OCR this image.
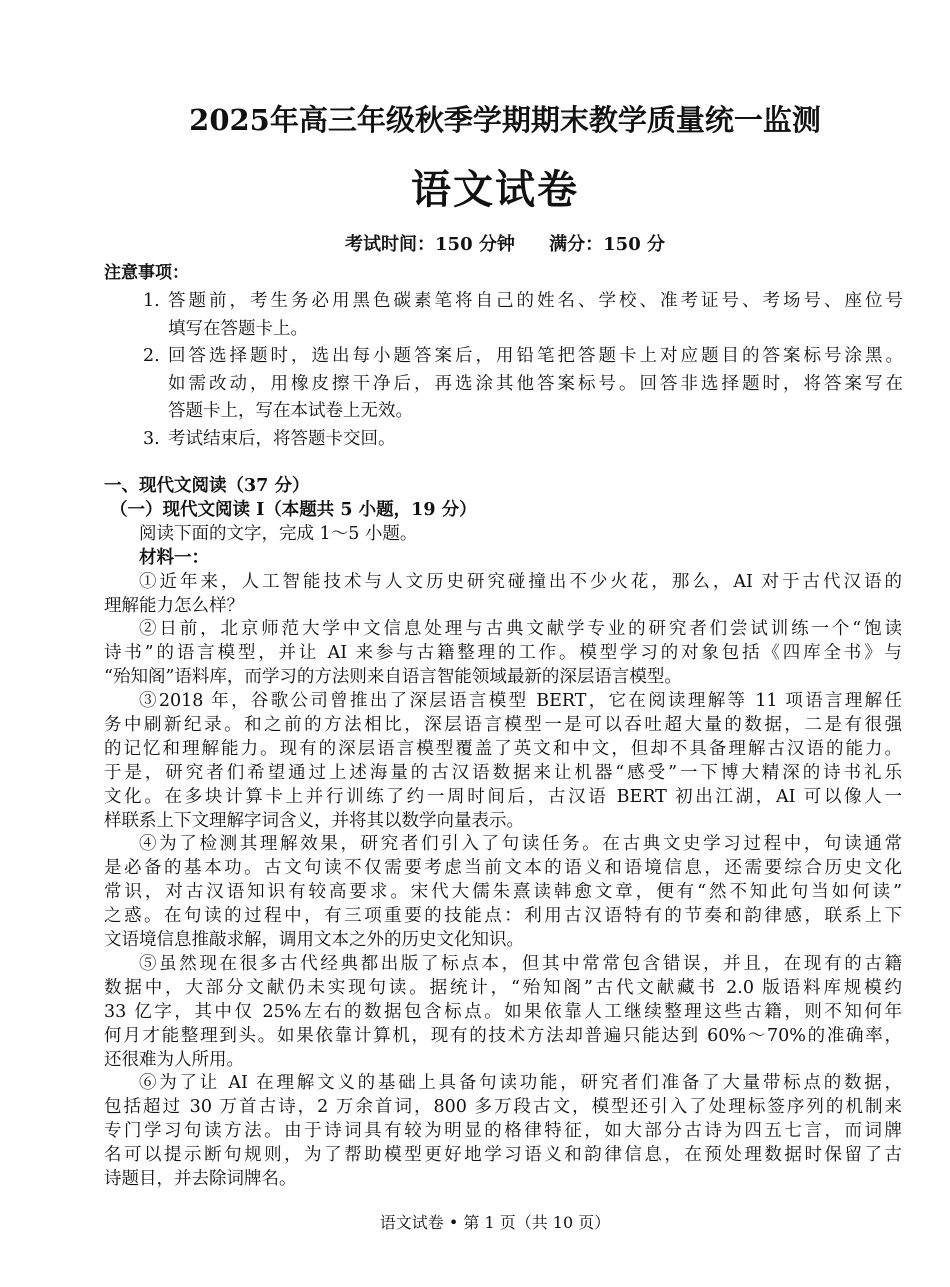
2025年高三年级秋季学期期末教学质量统一监测
语文试卷
考试时间：150 分钟 满分：150 分
注意事项：
1. 答题前，考生务必用黑色碳素笔将自己的姓名、学校、准考证号、考场号、座位号
填写在答题卡上。
2. 回答选择题时，选出每小题答案后，用铅笔把答题卡上对应题目的答案标号涂黑。
如需改动，用橡皮擦干净后，再选涂其他答案标号。回答非选择题时，将答案写在
答题卡上，写在本试卷上无效。
3. 考试结束后，将答题卡交回。
一、现代文阅读（37 分）
（一）现代文阅读 I（本题共 5 小题，19 分）
阅读下面的文字，完成 1～5 小题。
材料一：
①近年来，人工智能技术与人文历史研究碰撞出不少火花，那么，AI 对于古代汉语的
理解能力怎么样？
②日前，北京师范大学中文信息处理与古典文献学专业的研究者们尝试训练一个“饱读
诗书”的语言模型，并让 AI 来参与古籍整理的工作。模型学习的对象包括《四库全书》与
“殆知阁”语料库，而学习的方法则来自语言智能领域最新的深层语言模型。
③2018 年，谷歌公司曾推出了深层语言模型 BERT，它在阅读理解等 11 项语言理解任
务中刷新纪录。和之前的方法相比，深层语言模型一是可以吞吐超大量的数据，二是有很强
的记忆和理解能力。现有的深层语言模型覆盖了英文和中文，但却不具备理解古汉语的能力。
于是，研究者们希望通过上述海量的古汉语数据来让机器“感受”一下博大精深的诗书礼乐
文化。在多块计算卡上并行训练了约一周时间后，古汉语 BERT 初出江湖，AI 可以像人一
样联系上下文理解字词含义，并将其以数学向量表示。
④为了检测其理解效果，研究者们引入了句读任务。在古典文史学习过程中，句读通常
是必备的基本功。古文句读不仅需要考虑当前文本的语义和语境信息，还需要综合历史文化
常识，对古汉语知识有较高要求。宋代大儒朱熹读韩愈文章，便有“然不知此句当如何读”
之惑。在句读的过程中，有三项重要的技能点：利用古汉语特有的节奏和韵律感，联系上下
文语境信息推敲求解，调用文本之外的历史文化知识。
⑤虽然现在很多古代经典都出版了标点本，但其中常常包含错误，并且，在现有的古籍
数据中，大部分文献仍未实现句读。据统计，“殆知阁”古代文献藏书 2.0 版语料库规模约
33 亿字，其中仅 25%左右的数据包含标点。如果依靠人工继续整理这些古籍，则不知何年
何月才能整理到头。如果依靠计算机，现有的技术方法却普遍只能达到 60%～70%的准确率，
还很难为人所用。
⑥为了让 AI 在理解文义的基础上具备句读功能，研究者们准备了大量带标点的数据，
包括超过 30 万首古诗，2 万余首词，800 多万段古文，模型还引入了处理标签序列的机制来
专门学习句读方法。由于诗词具有较为明显的格律特征，如大部分古诗为四五七言，而词牌
名可以提示断句规则，为了帮助模型更好地学习语义和韵律信息，在预处理数据时保留了古
诗题目，并去除词牌名。
语文试卷 • 第 1 页（共 10 页）
